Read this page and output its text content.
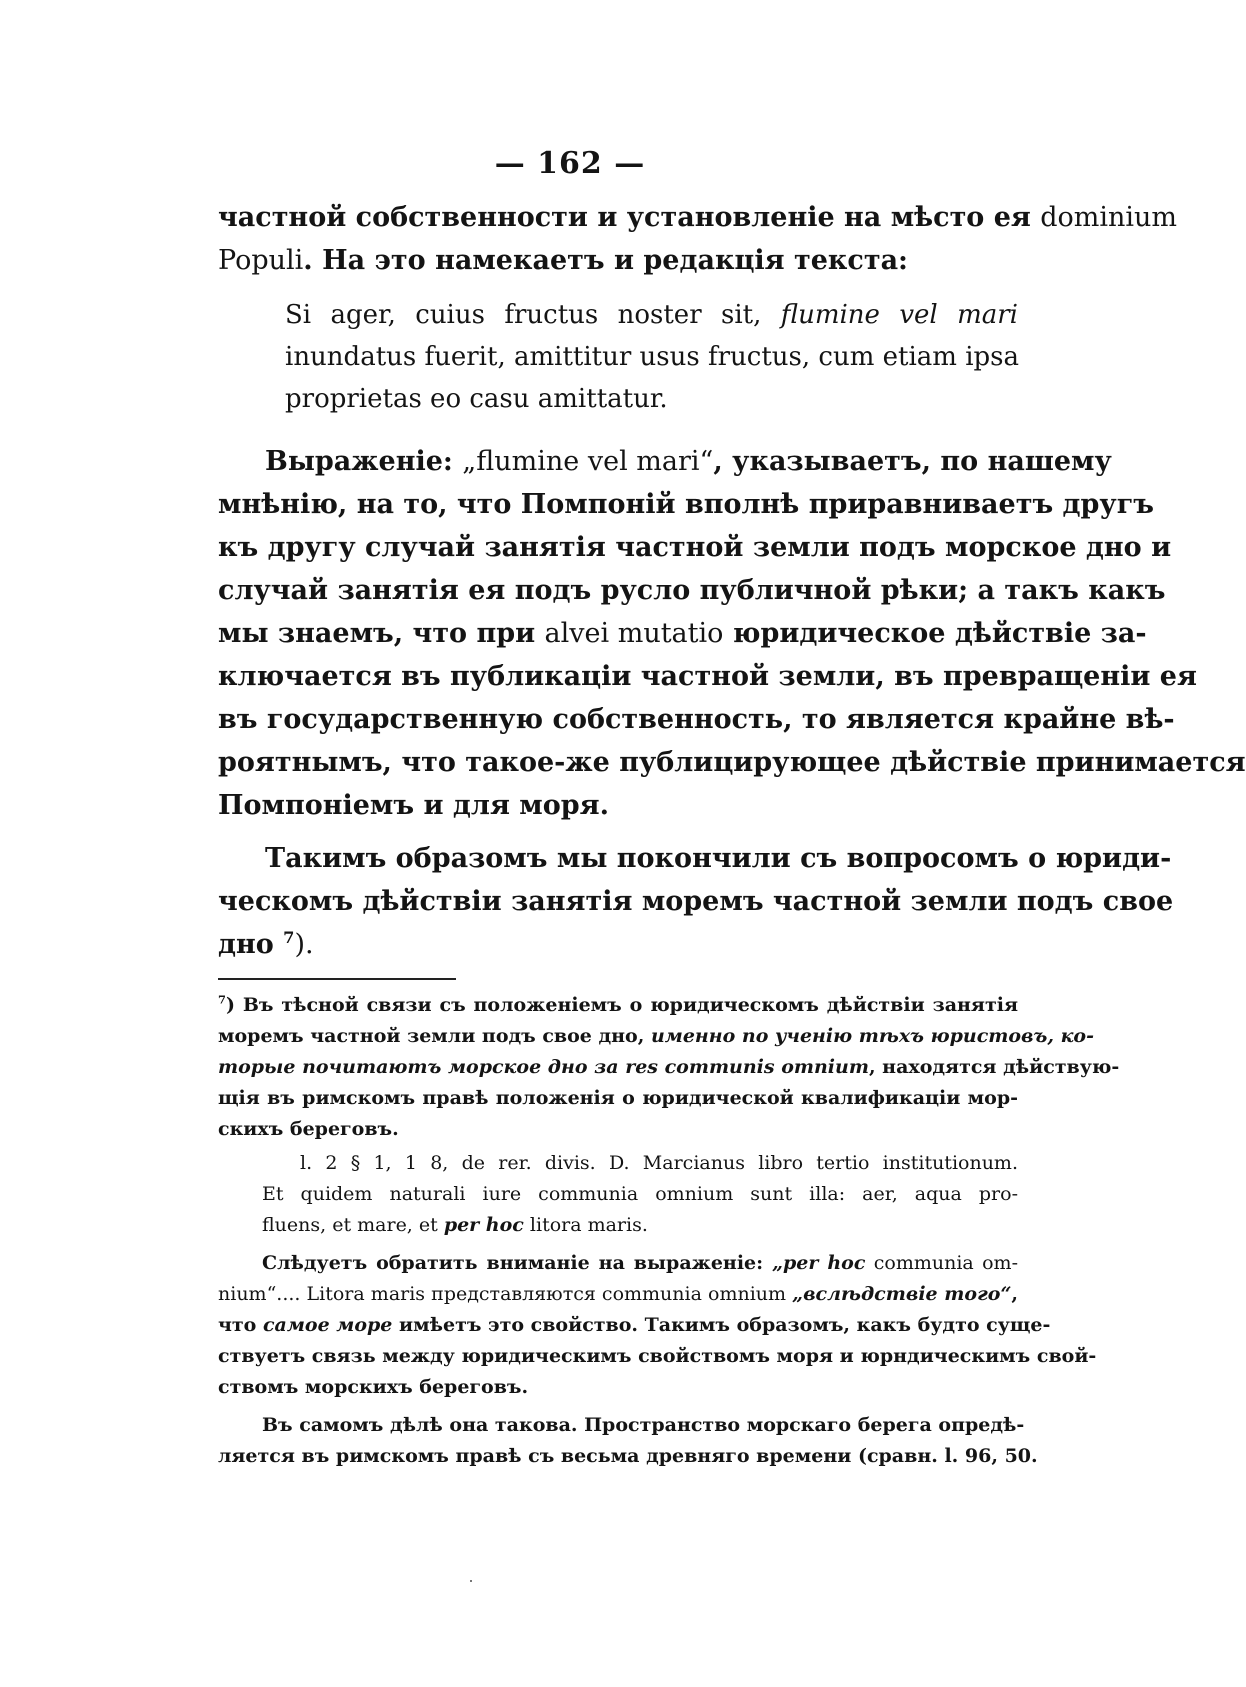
— 162 —
частной собственности и установленіе на мѣсто ея dominium
Populi. На это намекаетъ и редакція текста:
Si ager, cuius fructus noster sit, flumine vel mari
inundatus fuerit, amittitur usus fructus, cum etiam ipsa
proprietas eo casu amittatur.
Выраженіе: „flumine vel mari“, указываетъ, по нашему
мнѣнію, на то, что Помпоній вполнѣ приравниваетъ другъ
къ другу случай занятія частной земли подъ морское дно и
случай занятія ея подъ русло публичной рѣки; а такъ какъ
мы знаемъ, что при alvei mutatio юридическое дѣйствіе за-
ключается въ публикаціи частной земли, въ превращеніи ея
въ государственную собственность, то является крайне вѣ-
роятнымъ, что такое-же публицирующее дѣйствіе принимается
Помпоніемъ и для моря.
Такимъ образомъ мы покончили съ вопросомъ о юриди-
ческомъ дѣйствіи занятія моремъ частной земли подъ свое
дно $^7$).
$^7$) Въ тѣсной связи съ положеніемъ о юридическомъ дѣйствіи занятія
моремъ частной земли подъ свое дно, именно по ученію тѣхъ юристовъ, ко-
торые почитаютъ морское дно за res communis omnium, находятся дѣйствую-
щія въ римскомъ правѣ положенія о юридической квалификаціи мор-
скихъ береговъ.
l. 2 § 1, 1 8, de rer. divis. D. Marcianus libro tertio institutionum.
Et quidem naturali iure communia omnium sunt illa: aer, aqua pro-
fluens, et mare, et per hoc litora maris.
Слѣдуетъ обратить вниманіе на выраженіе: „per hoc communia om-
nium“.... Litora maris представляются communia omnium „вслѣдствіе того“,
что самое море имѣетъ это свойство. Такимъ образомъ, какъ будто суще-
ствуетъ связь между юридическимъ свойствомъ моря и юрндическимъ свой-
ствомъ морскихъ береговъ.
Въ самомъ дѣлѣ она такова. Пространство морскаго берега опредѣ-
ляется въ римскомъ правѣ съ весьма древняго времени (сравн. l. 96, 50.
